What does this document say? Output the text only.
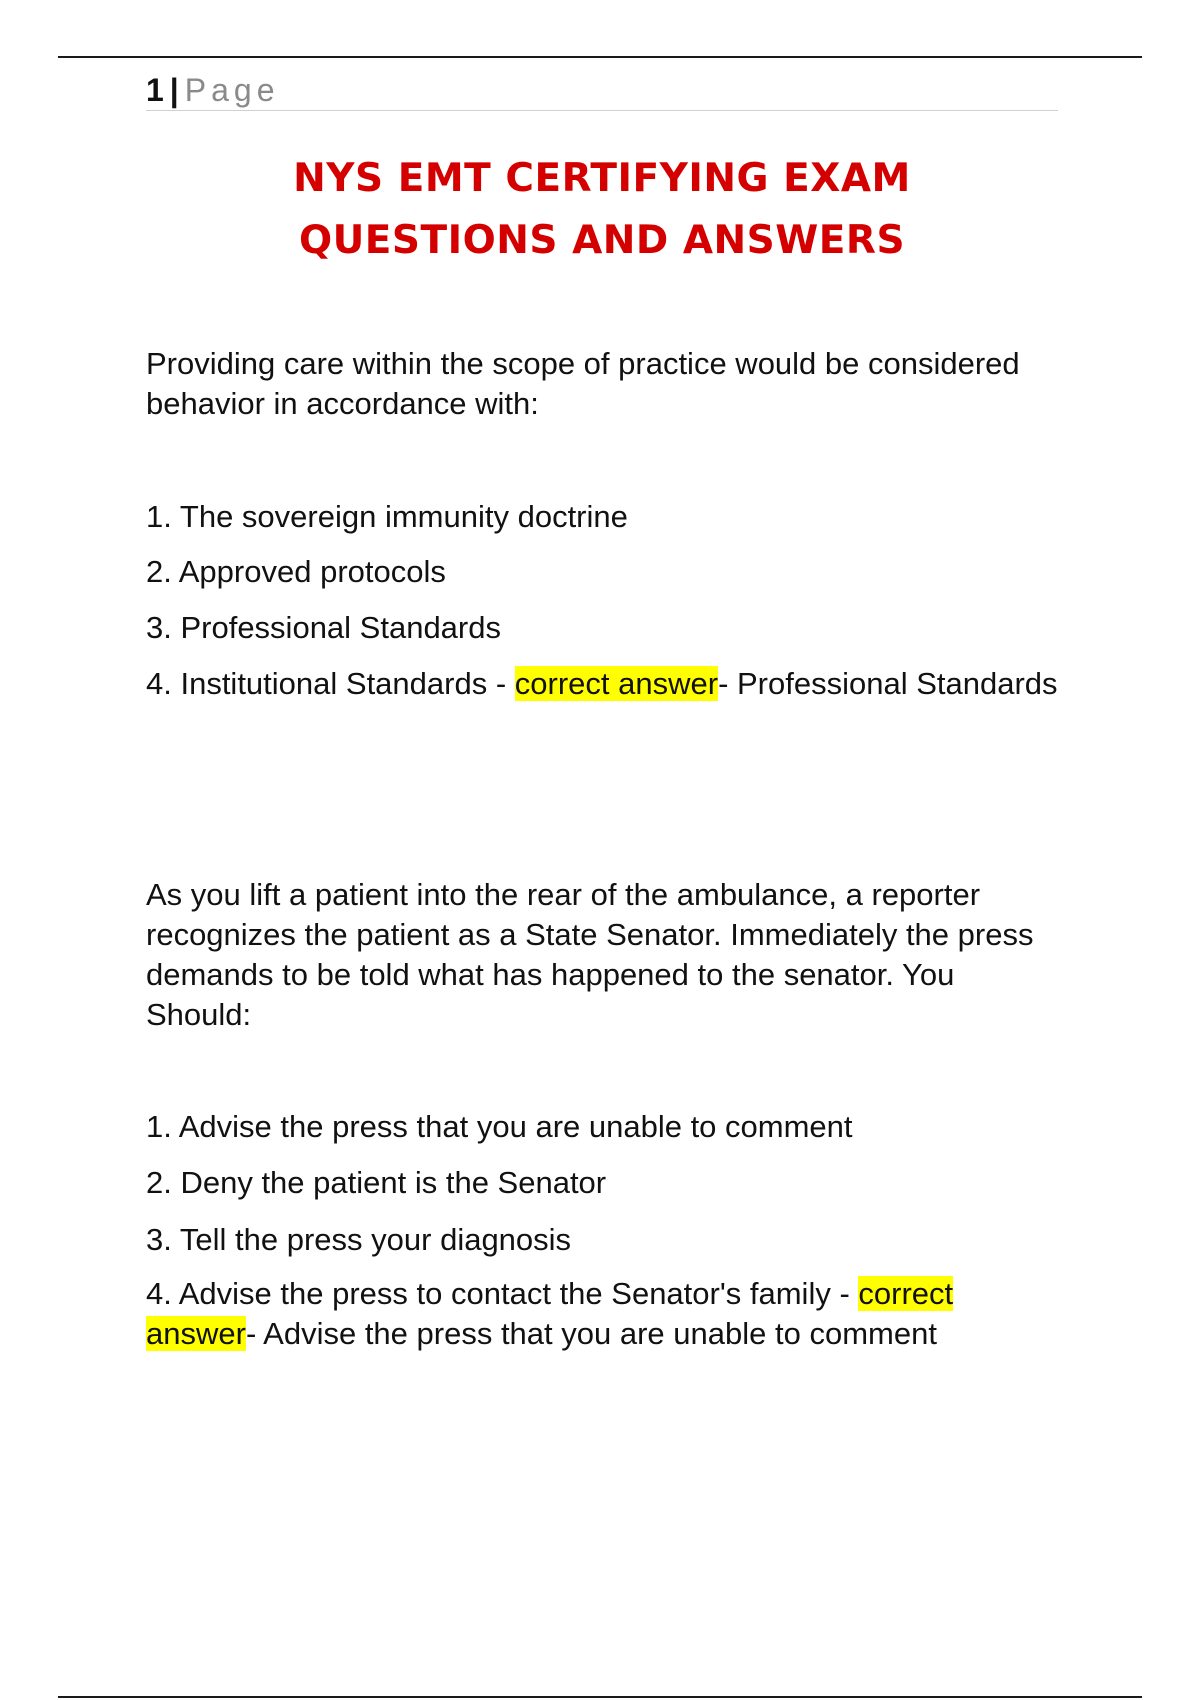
1 | Page
NYS EMT CERTIFYING EXAM
QUESTIONS AND ANSWERS

Providing care within the scope of practice would be considered behavior in accordance with:

1. The sovereign immunity doctrine

2. Approved protocols

3. Professional Standards

4. Institutional Standards - correct answer- Professional Standards

As you lift a patient into the rear of the ambulance, a reporter recognizes the patient as a State Senator. Immediately the press demands to be told what has happened to the senator. You Should:

1. Advise the press that you are unable to comment

2. Deny the patient is the Senator

3. Tell the press your diagnosis

4. Advise the press to contact the Senator's family - correct answer- Advise the press that you are unable to comment
